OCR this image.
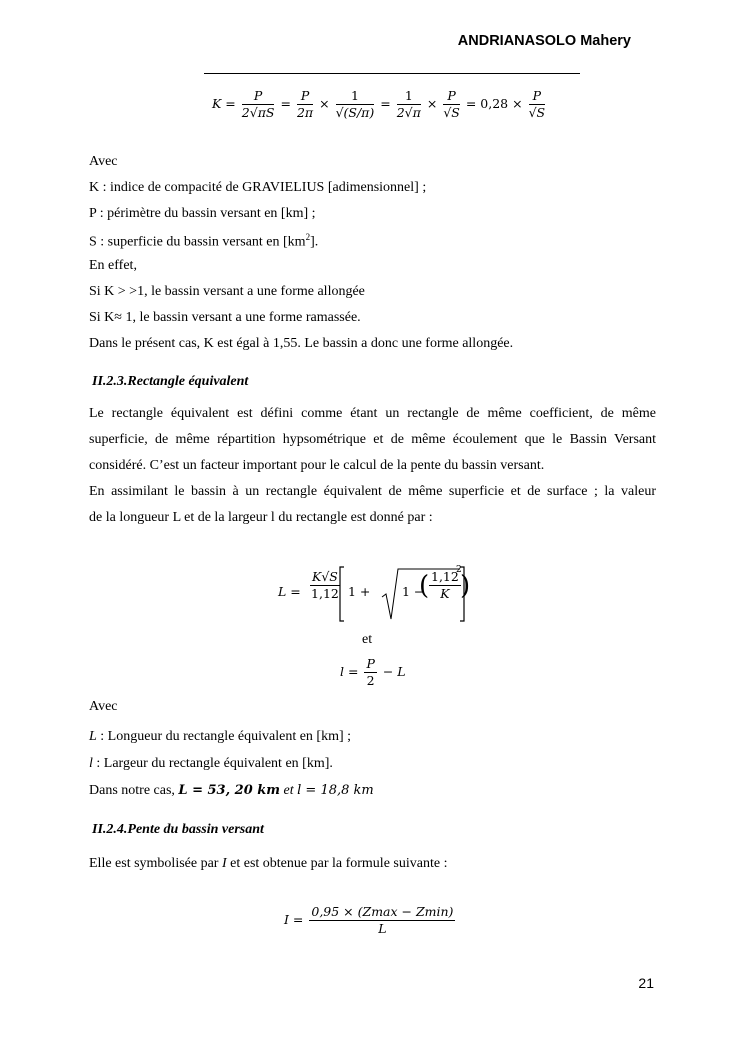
ANDRIANASOLO Mahery
$K = \frac{P}{2√\pi S} = \frac{P}{2\pi} \times \frac{1}{√(S/\pi)} = \frac{1}{2√\pi} \times \frac{P}{√S} = 0,28 \times \frac{P}{√S}$
Avec
K : indice de compacité de GRAVIELIUS [adimensionnel] ;
P : périmètre du bassin versant en [km] ;
S : superficie du bassin versant en $[km^2]$.
En effet,
Si K > >1, le bassin versant a une forme allongée
Si K≈ 1, le bassin versant a une forme ramassée.
Dans le présent cas, K est égal à 1,55. Le bassin a donc une forme allongée.
II.2.3.Rectangle équivalent
Le rectangle équivalent est défini comme étant un rectangle de même coefficient, de même
superficie, de même répartition hypsométrique et de même écoulement que le Bassin Versant
considéré. C’est un facteur important pour le calcul de la pente du bassin versant.
En assimilant le bassin à un rectangle équivalent de même superficie et de surface ; la valeur
de la longueur L et de la largeur l du rectangle est donné par :
$L = \frac{K√S}{1,12} 1$ +	1 −
( $\frac{1,12}{K}$ )
2
et
$l = \frac{P}{2} - L$
Avec
L : Longueur du rectangle équivalent en [km] ;
l : Largeur du rectangle équivalent en [km].
Dans notre cas, L = 53, 20 km et l = 18,8 km
II.2.4.Pente du bassin versant
Elle est symbolisée par I et est obtenue par la formule suivante :
$I = \frac{0,95 \times (Zmax - Zmin)}{L}$
21
